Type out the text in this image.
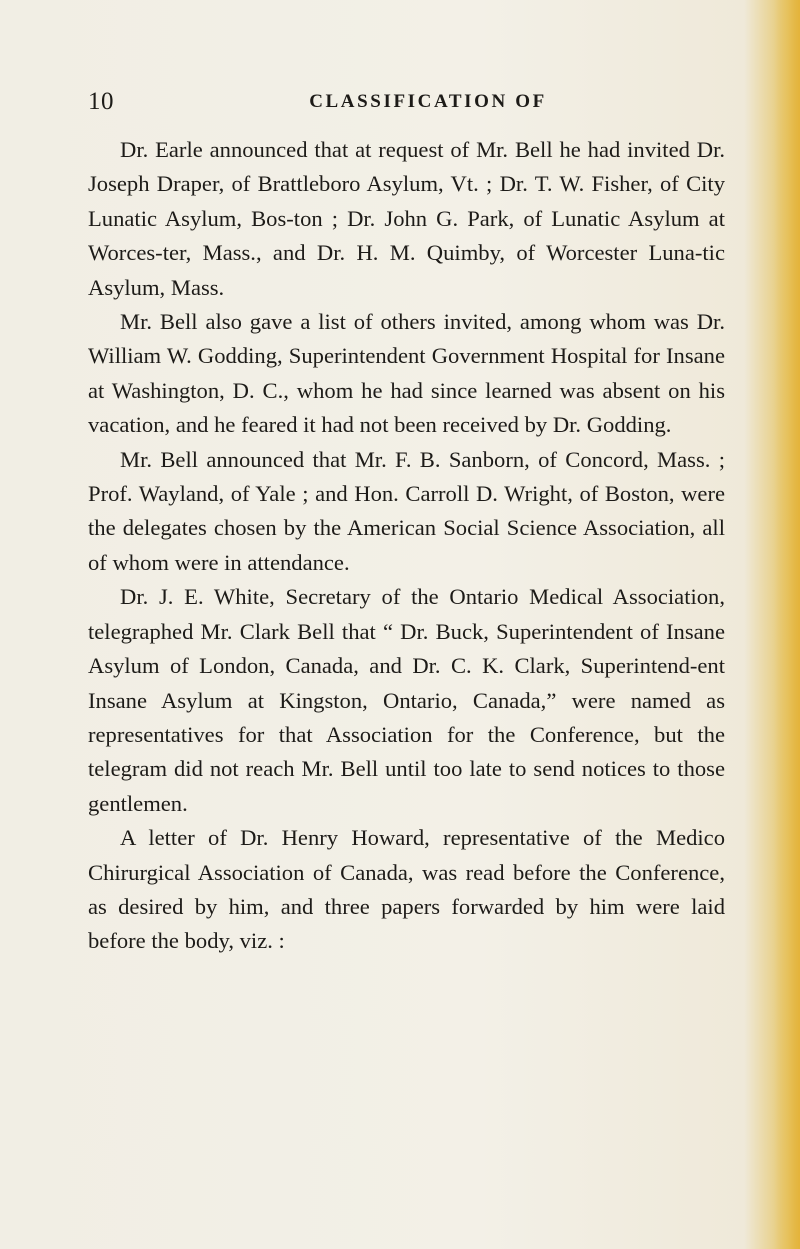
10	CLASSIFICATION OF

Dr. Earle announced that at request of Mr. Bell he had invited Dr. Joseph Draper, of Brattleboro Asylum, Vt. ; Dr. T. W. Fisher, of City Lunatic Asylum, Bos-ton ; Dr. John G. Park, of Lunatic Asylum at Worces-ter, Mass., and Dr. H. M. Quimby, of Worcester Luna-tic Asylum, Mass.

Mr. Bell also gave a list of others invited, among whom was Dr. William W. Godding, Superintendent Government Hospital for Insane at Washington, D. C., whom he had since learned was absent on his vacation, and he feared it had not been received by Dr. Godding.

Mr. Bell announced that Mr. F. B. Sanborn, of Concord, Mass. ; Prof. Wayland, of Yale ; and Hon. Carroll D. Wright, of Boston, were the delegates chosen by the American Social Science Association, all of whom were in attendance.

Dr. J. E. White, Secretary of the Ontario Medical Association, telegraphed Mr. Clark Bell that “ Dr. Buck, Superintendent of Insane Asylum of London, Canada, and Dr. C. K. Clark, Superintend-ent Insane Asylum at Kingston, Ontario, Canada,” were named as representatives for that Association for the Conference, but the telegram did not reach Mr. Bell until too late to send notices to those gentlemen.

A letter of Dr. Henry Howard, representative of the Medico Chirurgical Association of Canada, was read before the Conference, as desired by him, and three papers forwarded by him were laid before the body, viz. :
